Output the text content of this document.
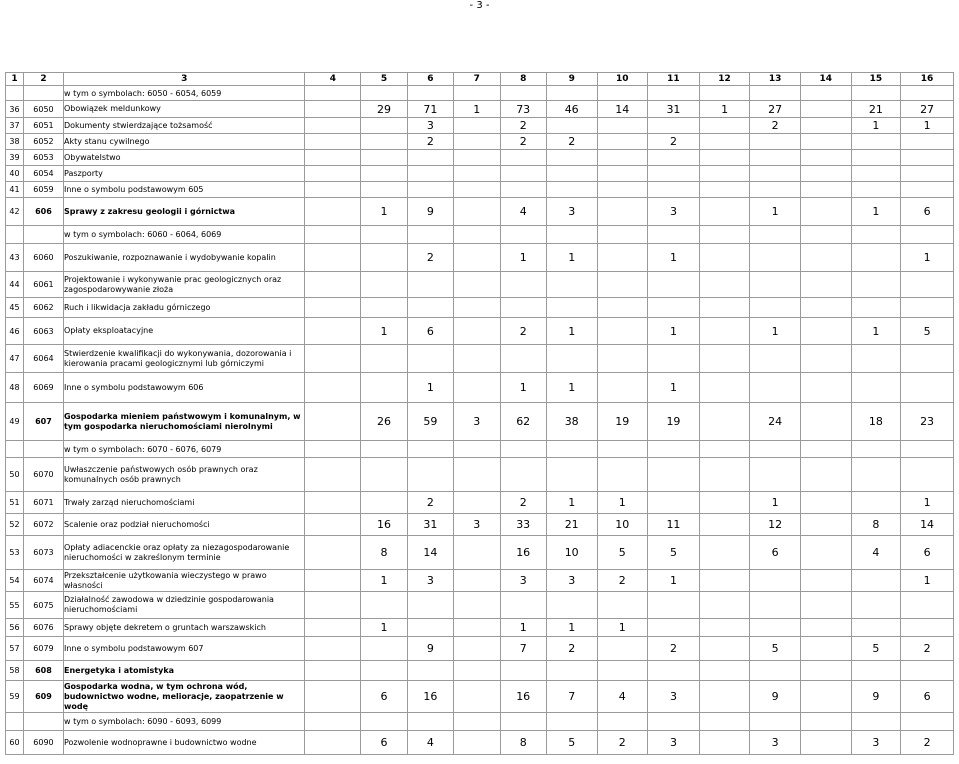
- 3 -
1	2	3	4	5	6	7	8	9	10	11	12	13	14	15	16
		w tym o symbolach: 6050 - 6054, 6059													
36	6050	Obowiązek meldunkowy		29	71	1	73	46	14	31	1	27		21	27
37	6051	Dokumenty stwierdzające tożsamość			3		2					2		1	1
38	6052	Akty stanu cywilnego			2		2	2		2					
39	6053	Obywatelstwo													
40	6054	Paszporty													
41	6059	Inne o symbolu podstawowym 605													
42	606	Sprawy z zakresu geologii i górnictwa		1	9		4	3		3		1		1	6
		w tym o symbolach: 6060 - 6064, 6069													
43	6060	Poszukiwanie, rozpoznawanie i wydobywanie kopalin			2		1	1		1					1
44	6061	Projektowanie i wykonywanie prac geologicznych oraz zagospodarowywanie złoża													
45	6062	Ruch i likwidacja zakładu górniczego													
46	6063	Opłaty eksploatacyjne		1	6		2	1		1		1		1	5
47	6064	Stwierdzenie kwalifikacji do wykonywania, dozorowania i kierowania pracami geologicznymi lub górniczymi													
48	6069	Inne o symbolu podstawowym 606			1		1	1		1					
49	607	Gospodarka mieniem państwowym i komunalnym, w tym gospodarka nieruchomościami nierolnymi		26	59	3	62	38	19	19		24		18	23
		w tym o symbolach: 6070 - 6076, 6079													
50	6070	Uwłaszczenie państwowych osób prawnych oraz komunalnych osób prawnych													
51	6071	Trwały zarząd nieruchomościami			2		2	1	1			1			1
52	6072	Scalenie oraz podział nieruchomości		16	31	3	33	21	10	11		12		8	14
53	6073	Opłaty adiacenckie oraz opłaty za niezagospodarowanie nieruchomości w zakreślonym terminie		8	14		16	10	5	5		6		4	6
54	6074	Przekształcenie użytkowania wieczystego w prawo własności		1	3		3	3	2	1					1
55	6075	Działalność zawodowa w dziedzinie gospodarowania nieruchomościami													
56	6076	Sprawy objęte dekretem o gruntach warszawskich		1			1	1	1						
57	6079	Inne o symbolu podstawowym 607			9		7	2		2		5		5	2
58	608	Energetyka i atomistyka													
59	609	Gospodarka wodna, w tym ochrona wód, budownictwo wodne, melioracje, zaopatrzenie w wodę		6	16		16	7	4	3		9		9	6
		w tym o symbolach: 6090 - 6093, 6099													
60	6090	Pozwolenie wodnoprawne i budownictwo wodne		6	4		8	5	2	3		3		3	2
